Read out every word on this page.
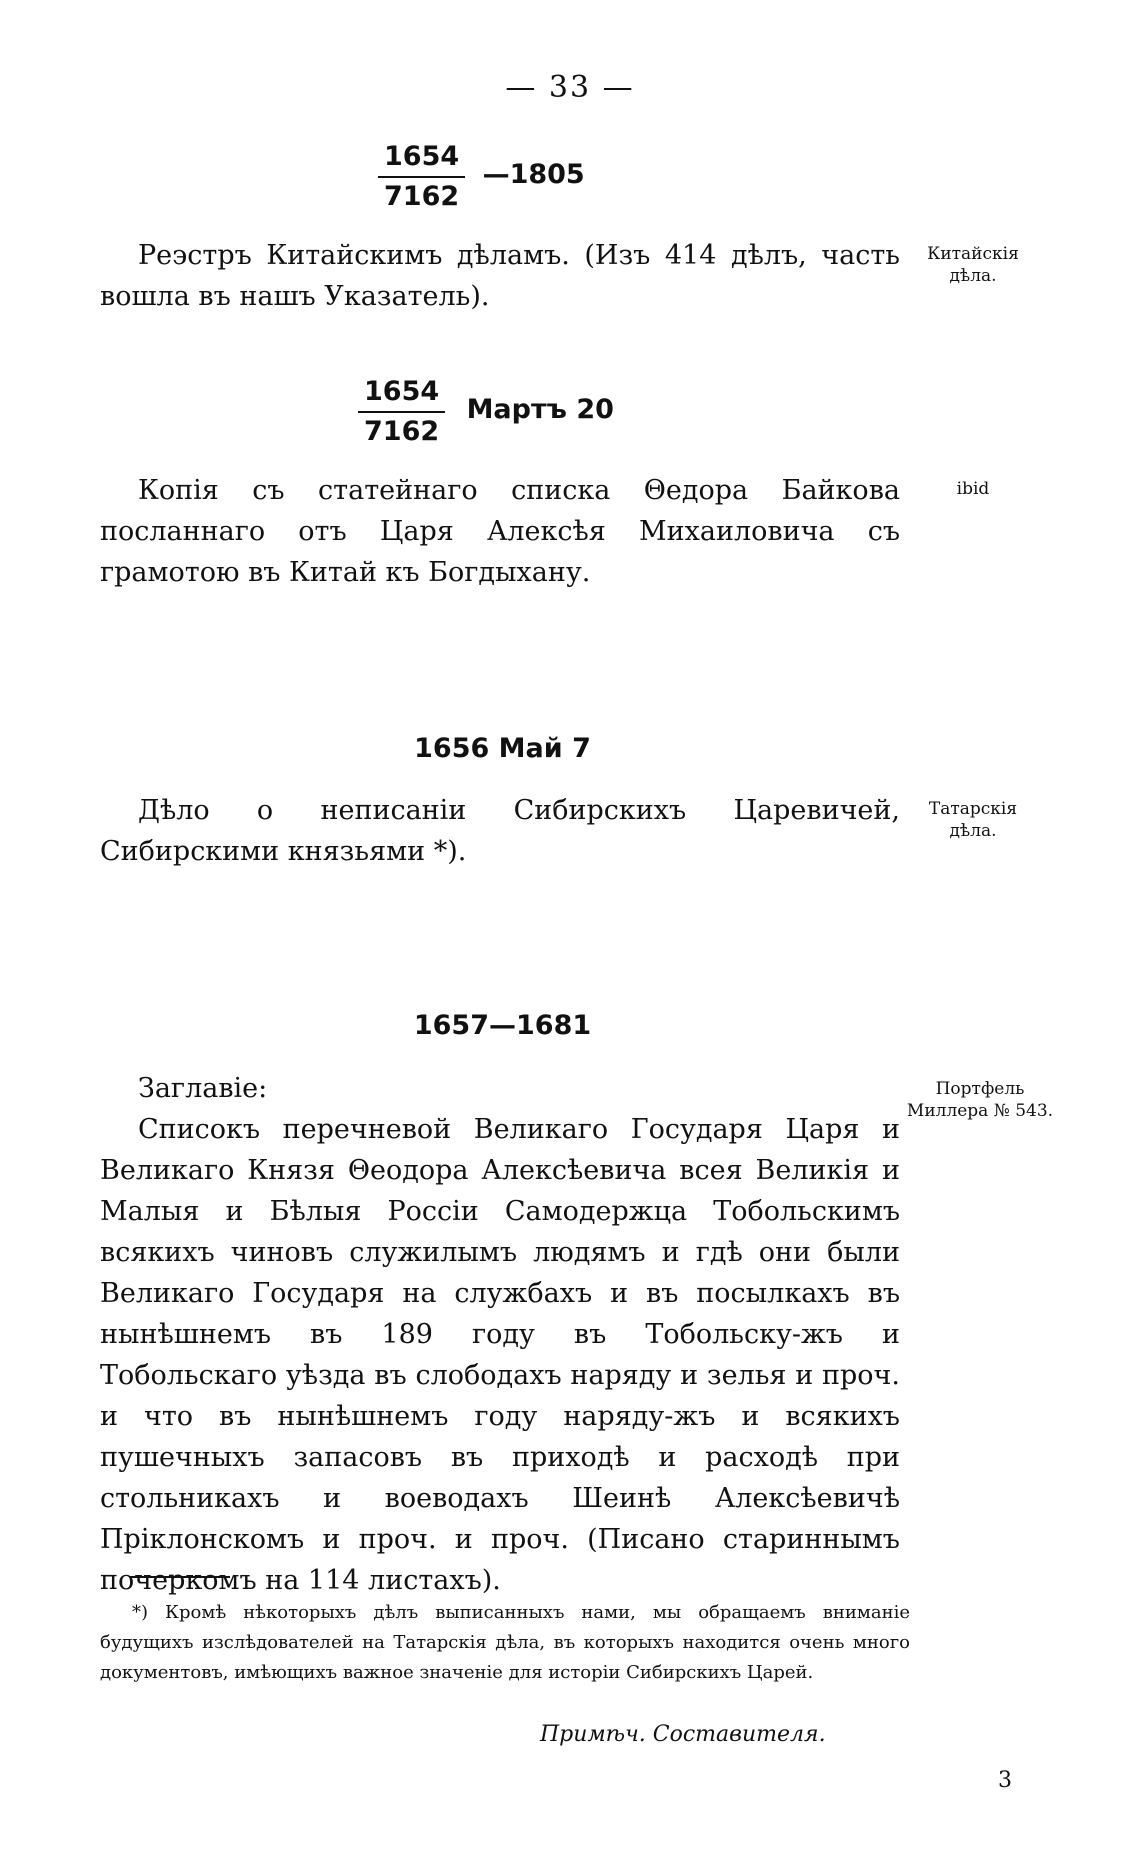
— 33 —
$\frac{1654}{7162}$ —1805

Реэстръ Китайскимъ дѣламъ. (Изъ 414 дѣлъ, часть вошла въ нашъ Указатель).

Китайскія дѣла.
$\frac{1654}{7162}$ Мартъ 20

Копія съ статейнаго списка Θедора Байкова посланнаго отъ Царя Алексѣя Михаиловича съ грамотою въ Китай къ Богдыхану.

ibid
1656 Май 7

Дѣло о неписаніи Сибирскихъ Царевичей, Сибирскими князьями *).

Татарскія дѣла.
1657—1681
Заглавіе:

Списокъ перечневой Великаго Государя Царя и Великаго Князя Θеодора Алексѣевича всея Великія и Малыя и Бѣлыя Россіи Самодержца Тобольскимъ всякихъ чиновъ служилымъ людямъ и гдѣ они были Великаго Государя на службахъ и въ посылкахъ въ нынѣшнемъ въ 189 году въ Тобольску-жъ и Тобольскаго уѣзда въ слободахъ наряду и зелья и проч. и что въ нынѣшнемъ году наряду-жъ и всякихъ пушечныхъ запасовъ въ приходѣ и расходѣ при стольникахъ и воеводахъ Шеинѣ Алексѣевичѣ Пріклонскомъ и проч. и проч. (Писано стариннымъ почеркомъ на 114 листахъ).

Портфель Миллера № 543.

*) Кромѣ нѣкоторыхъ дѣлъ выписанныхъ нами, мы обращаемъ вниманіе будущихъ изслѣдователей на Татарскія дѣла, въ которыхъ находится очень много документовъ, имѣющихъ важное значеніе для исторіи Сибирскихъ Царей.

Примѣч. Составителя.
3
